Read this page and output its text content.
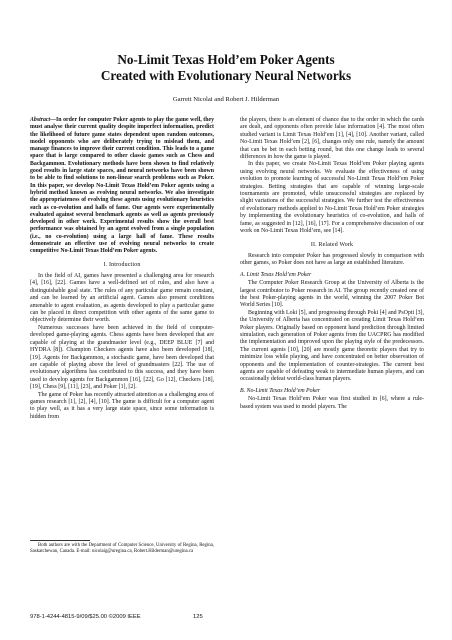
No-Limit Texas Hold’em Poker Agents
Created with Evolutionary Neural Networks
Garrett Nicolai and Robert J. Hilderman

Abstract—In order for computer Poker agents to play the game well, they must analyse their current quality despite imperfect information, predict the likelihood of future game states dependent upon random outcomes, model opponents who are deliberately trying to mislead them, and manage finances to improve their current condition. This leads to a game space that is large compared to other classic games such as Chess and Backgammon. Evolutionary methods have been shown to find relatively good results in large state spaces, and neural networks have been shown to be able to find solutions to non-linear search problems such as Poker. In this paper, we develop No-Limit Texas Hold’em Poker agents using a hybrid method known as evolving neural networks. We also investigate the appropriateness of evolving these agents using evolutionary heuristics such as co-evolution and halls of fame. Our agents were experimentally evaluated against several benchmark agents as well as agents previously developed in other work. Experimental results show the overall best performance was obtained by an agent evolved from a single population (i.e., no co-evolution) using a large hall of fame. These results demonstrate an effective use of evolving neural networks to create competitive No-Limit Texas Hold’em Poker agents.

I. Introduction

In the field of AI, games have presented a challenging area for research [4], [16], [22]. Games have a well-defined set of rules, and also have a distinguishable goal state. The rules of any particular game remain constant, and can be learned by an artificial agent. Games also present conditions amenable to agent evaluation, as agents developed to play a particular game can be placed in direct competition with other agents of the same game to objectively determine their worth.

Numerous successes have been achieved in the field of computer-developed game-playing agents. Chess agents have been developed that are capable of playing at the grandmaster level (e.g., DEEP BLUE [7] and HYDRA [8]). Champion Checkers agents have also been developed [18], [19]. Agents for Backgammon, a stochastic game, have been developed that are capable of playing above the level of grandmasters [22]. The use of evolutionary algorithms has contributed to this success, and they have been used to develop agents for Backgammon [16], [22], Go [12], Checkers [18], [19], Chess [9], [11], [23], and Poker [1], [2].

The game of Poker has recently attracted attention as a challenging area of games research [1], [2], [4], [10]. The game is difficult for a computer agent to play well, as it has a very large state space, since some information is hidden from

Both authors are with the Department of Computer Science, University of Regina, Regina, Saskatchewan, Canada. E-mail: nicolaig@uregina.ca, Robert.Hilderman@uregina.ca

the players, there is an element of chance due to the order in which the cards are dealt, and opponents often provide false information [4]. The most often studied variant is Limit Texas Hold’em [1], [4], [10]. Another variant, called No-Limit Texas Hold’em [2], [6], changes only one rule, namely the amount that can be bet in each betting round, but this one change leads to several differences in how the game is played.

In this paper, we create No-Limit Texas Hold’em Poker playing agents using evolving neural networks. We evaluate the effectiveness of using evolution to promote learning of successful No-Limit Texas Hold’em Poker strategies. Betting strategies that are capable of winning large-scale tournaments are promoted, while unsuccessful strategies are replaced by slight variations of the successful strategies. We further test the effectiveness of evolutionary methods applied to No-Limit Texas Hold’em Poker strategies by implementing the evolutionary heuristics of co-evolution, and halls of fame, as suggested in [12], [16], [17]. For a comprehensive discussion of our work on No-Limit Texas Hold’em, see [14].

II. Related Work

Research into computer Poker has progressed slowly in comparison with other games, so Poker does not have as large an established literature.

A. Limit Texas Hold’em Poker

The Computer Poker Research Group at the University of Alberta is the largest contributor to Poker research in AI. The group recently created one of the best Poker-playing agents in the world, winning the 2007 Poker Bot World Series [10].

Beginning with Loki [5], and progressing through Poki [4] and PsOpti [3], the University of Alberta has concentrated on creating Limit Texas Hold’em Poker players. Originally based on opponent hand prediction through limited simulation, each generation of Poker agents from the UACPRG has modified the implementation and improved upon the playing style of the predecessors. The current agents [10], [20] are mostly game theoretic players that try to minimize loss while playing, and have concentrated on better observation of opponents and the implementation of counter-strategies. The current best agents are capable of defeating weak to intermediate human players, and can occasionally defeat world-class human players.

B. No-Limit Texas Hold’em Poker

No-Limit Texas Hold’em Poker was first studied in [6], where a rule-based system was used to model players. The

978-1-4244-4815-9/09/$25.00 ©2009 IEEE	125
